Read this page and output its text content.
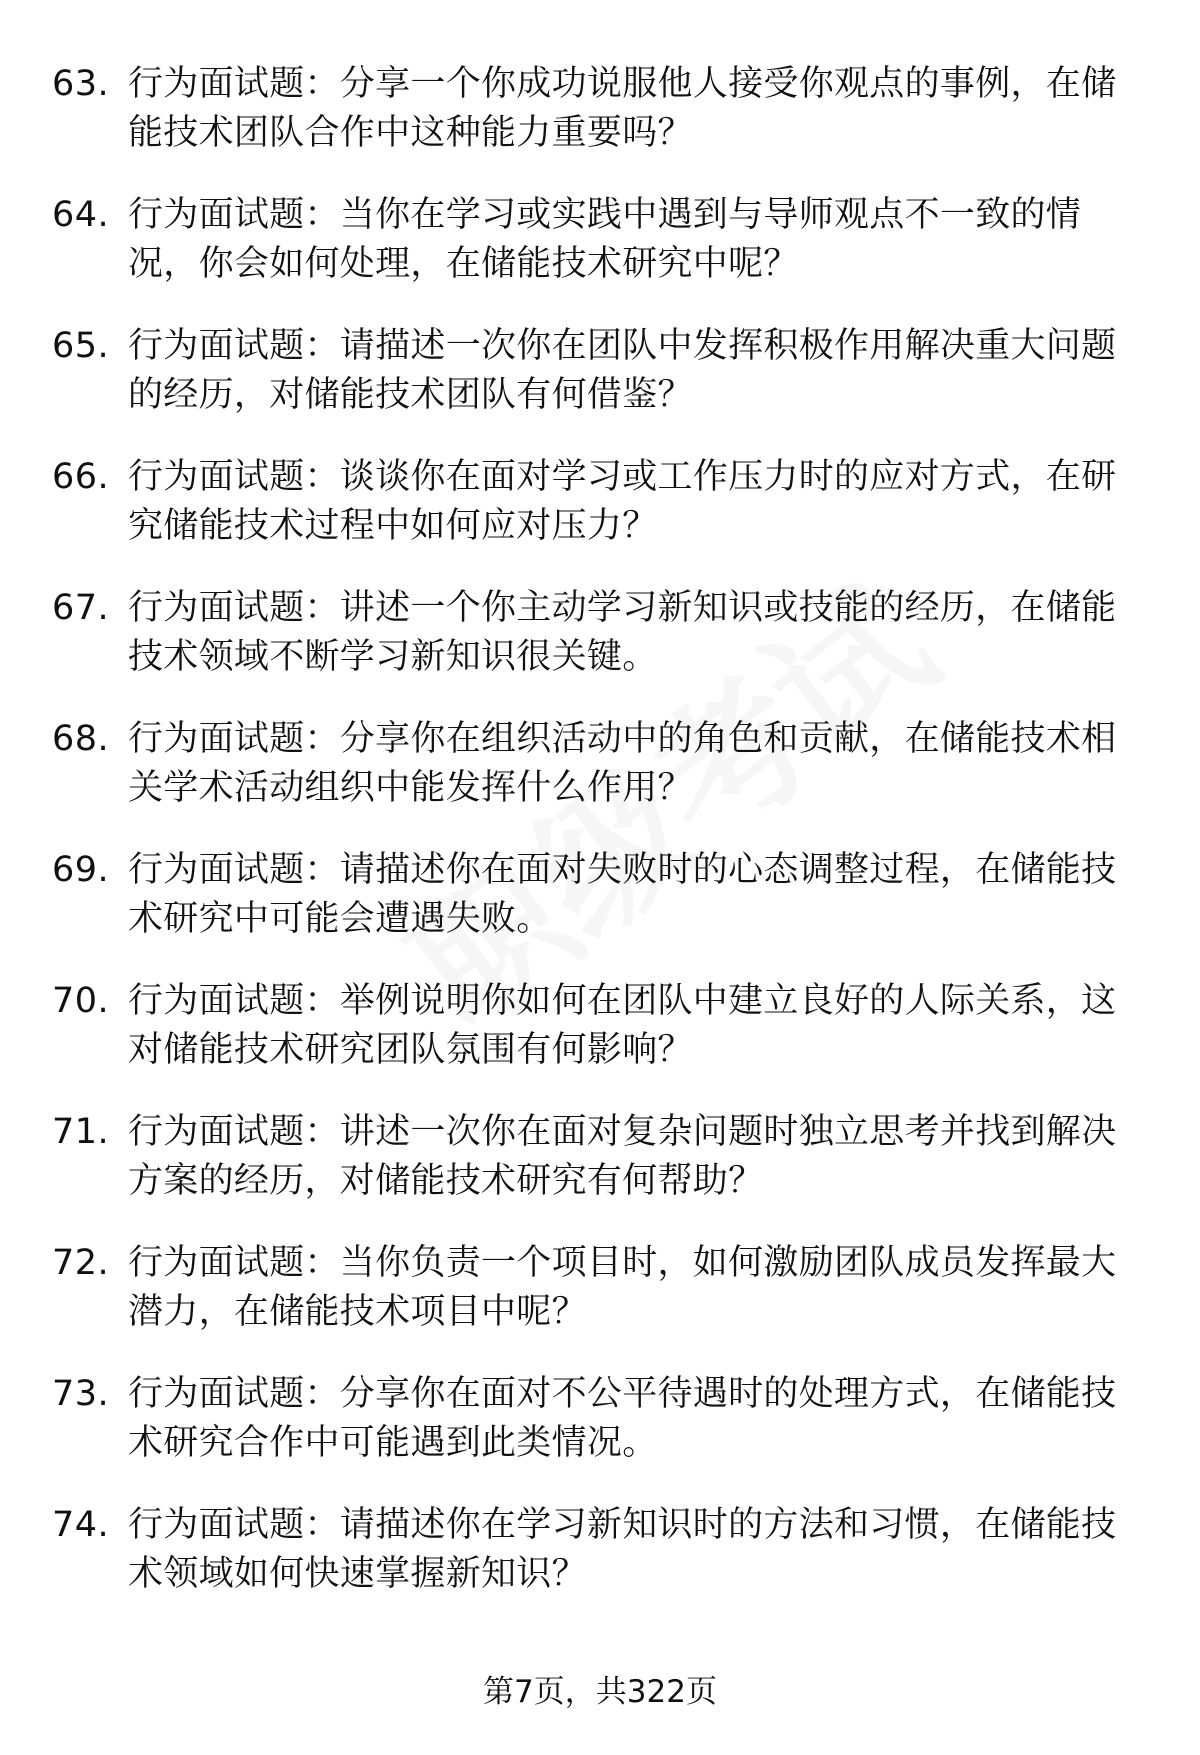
63. 行为面试题：分享一个你成功说服他人接受你观点的事例，在储能技术团队合作中这种能力重要吗？
64. 行为面试题：当你在学习或实践中遇到与导师观点不一致的情况，你会如何处理，在储能技术研究中呢？
65. 行为面试题：请描述一次你在团队中发挥积极作用解决重大问题的经历，对储能技术团队有何借鉴？
66. 行为面试题：谈谈你在面对学习或工作压力时的应对方式，在研究储能技术过程中如何应对压力？
67. 行为面试题：讲述一个你主动学习新知识或技能的经历，在储能技术领域不断学习新知识很关键。
68. 行为面试题：分享你在组织活动中的角色和贡献，在储能技术相关学术活动组织中能发挥什么作用？
69. 行为面试题：请描述你在面对失败时的心态调整过程，在储能技术研究中可能会遭遇失败。
70. 行为面试题：举例说明你如何在团队中建立良好的人际关系，这对储能技术研究团队氛围有何影响？
71. 行为面试题：讲述一次你在面对复杂问题时独立思考并找到解决方案的经历，对储能技术研究有何帮助？
72. 行为面试题：当你负责一个项目时，如何激励团队成员发挥最大潜力，在储能技术项目中呢？
73. 行为面试题：分享你在面对不公平待遇时的处理方式，在储能技术研究合作中可能遇到此类情况。
74. 行为面试题：请描述你在学习新知识时的方法和习惯，在储能技术领域如何快速掌握新知识？
第7页，共322页
